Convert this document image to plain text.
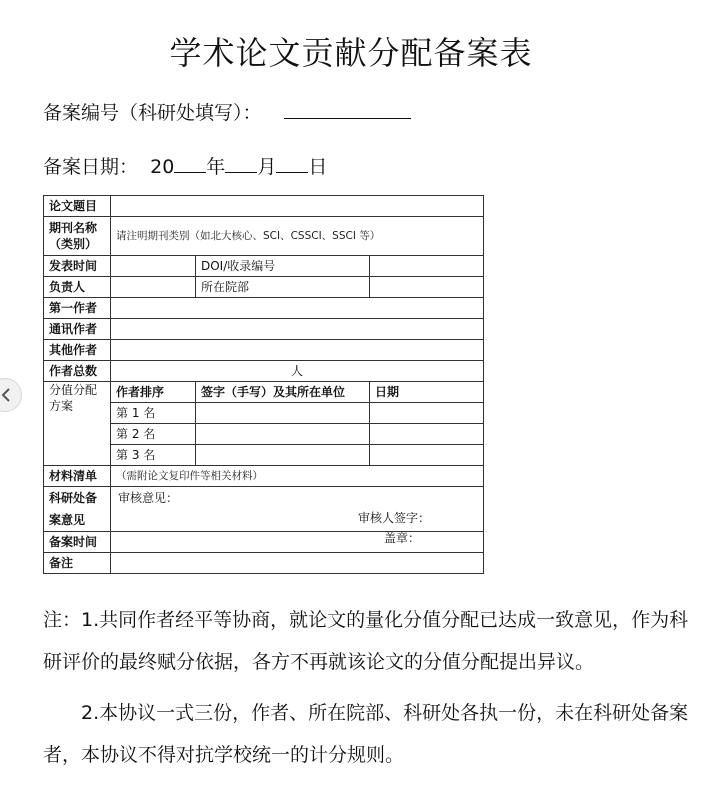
学术论文贡献分配备案表
备案编号（科研处填写）：
备案日期： 20 年 月 日
论文题目			
期刊名称（类别）	请注明期刊类别（如北大核心、SCI、CSSCI、SSCI 等）		
发表时间		DOI/收录编号	
负责人		所在院部	
第一作者			
通讯作者			
其他作者			
作者总数	人		
分值分配方案	作者排序	签字（手写）及其所在单位	日期
	第 1 名		
	第 2 名		
	第 3 名		
材料清单	（需附论文复印件等相关材料）		
科研处备案意见	审核意见：
审核人签字：
盖章：		

备案时间			
备注			
注：1.共同作者经平等协商，就论文的量化分值分配已达成一致意见，作为科研评价的最终赋分依据，各方不再就该论文的分值分配提出异议。
2.本协议一式三份，作者、所在院部、科研处各执一份，未在科研处备案者，本协议不得对抗学校统一的计分规则。
